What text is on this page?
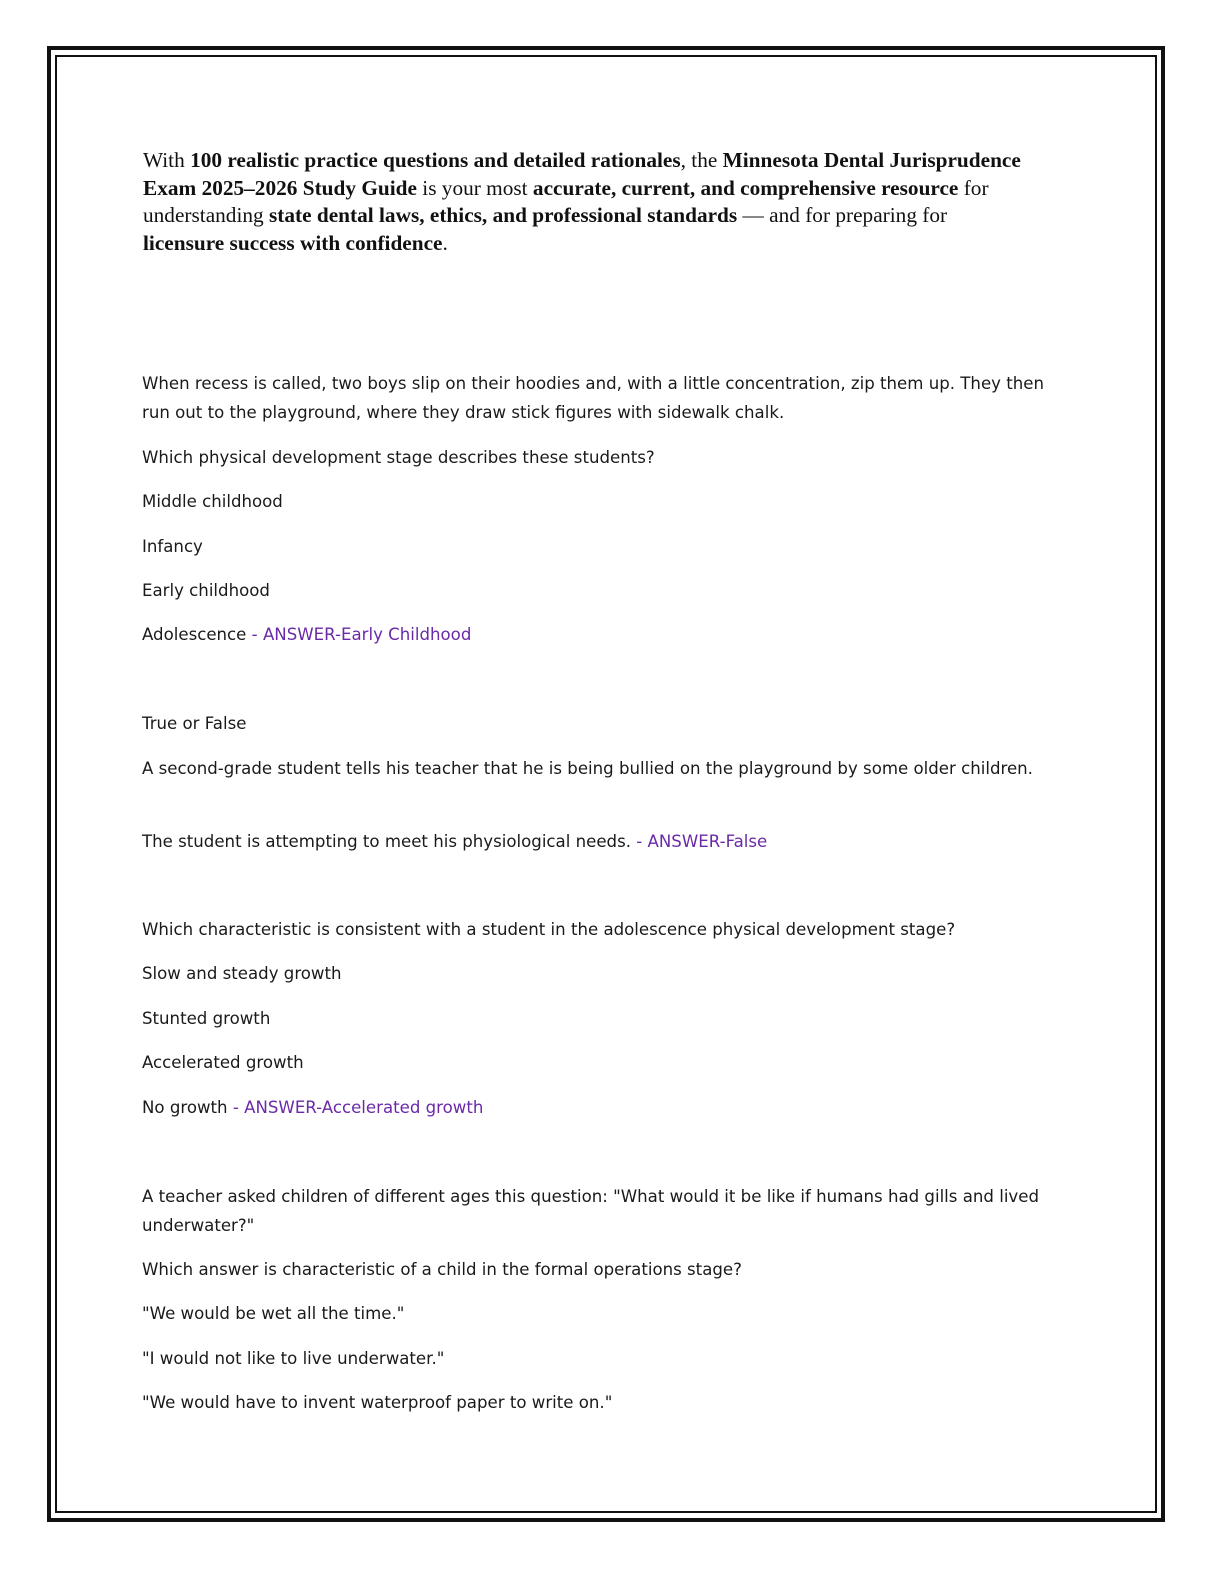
With 100 realistic practice questions and detailed rationales, the Minnesota Dental Jurisprudence Exam 2025–2026 Study Guide is your most accurate, current, and comprehensive resource for understanding state dental laws, ethics, and professional standards — and for preparing for licensure success with confidence.

When recess is called, two boys slip on their hoodies and, with a little concentration, zip them up. They then run out to the playground, where they draw stick figures with sidewalk chalk.

Which physical development stage describes these students?

Middle childhood

Infancy

Early childhood

Adolescence - ANSWER-Early Childhood

True or False

A second-grade student tells his teacher that he is being bullied on the playground by some older children.

The student is attempting to meet his physiological needs. - ANSWER-False

Which characteristic is consistent with a student in the adolescence physical development stage?

Slow and steady growth

Stunted growth

Accelerated growth

No growth - ANSWER-Accelerated growth

A teacher asked children of different ages this question: "What would it be like if humans had gills and lived underwater?"

Which answer is characteristic of a child in the formal operations stage?

"We would be wet all the time."

"I would not like to live underwater."

"We would have to invent waterproof paper to write on."
